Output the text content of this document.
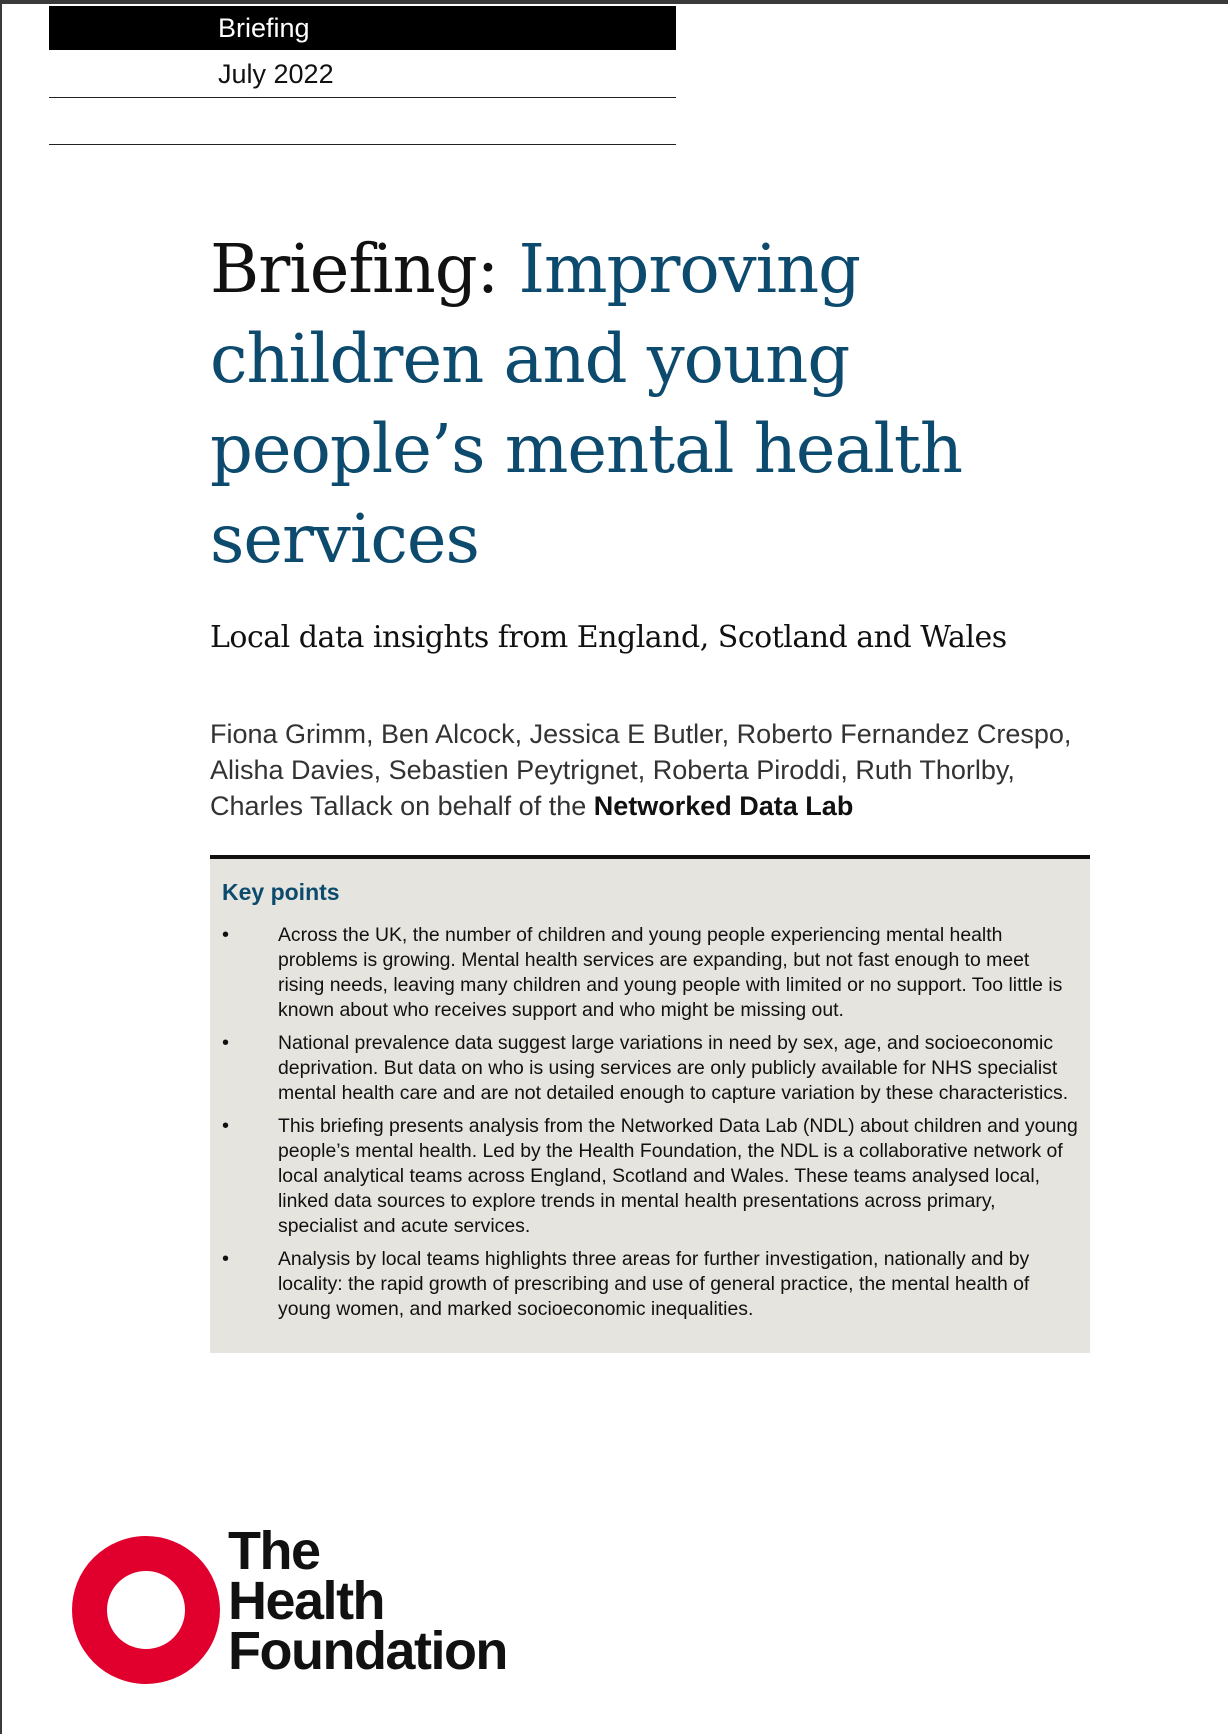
Briefing
July 2022
Briefing: Improving children and young people’s mental health services
Local data insights from England, Scotland and Wales

Fiona Grimm, Ben Alcock, Jessica E Butler, Roberto Fernandez Crespo, Alisha Davies, Sebastien Peytrignet, Roberta Piroddi, Ruth Thorlby, Charles Tallack on behalf of the Networked Data Lab

Key points
•	Across the UK, the number of children and young people experiencing mental health problems is growing. Mental health services are expanding, but not fast enough to meet rising needs, leaving many children and young people with limited or no support. Too little is known about who receives support and who might be missing out.
•	National prevalence data suggest large variations in need by sex, age, and socioeconomic deprivation. But data on who is using services are only publicly available for NHS specialist mental health care and are not detailed enough to capture variation by these characteristics.
•	This briefing presents analysis from the Networked Data Lab (NDL) about children and young people’s mental health. Led by the Health Foundation, the NDL is a collaborative network of local analytical teams across England, Scotland and Wales. These teams analysed local, linked data sources to explore trends in mental health presentations across primary, specialist and acute services.
•	Analysis by local teams highlights three areas for further investigation, nationally and by locality: the rapid growth of prescribing and use of general practice, the mental health of young women, and marked socioeconomic inequalities.

The
Health
Foundation
